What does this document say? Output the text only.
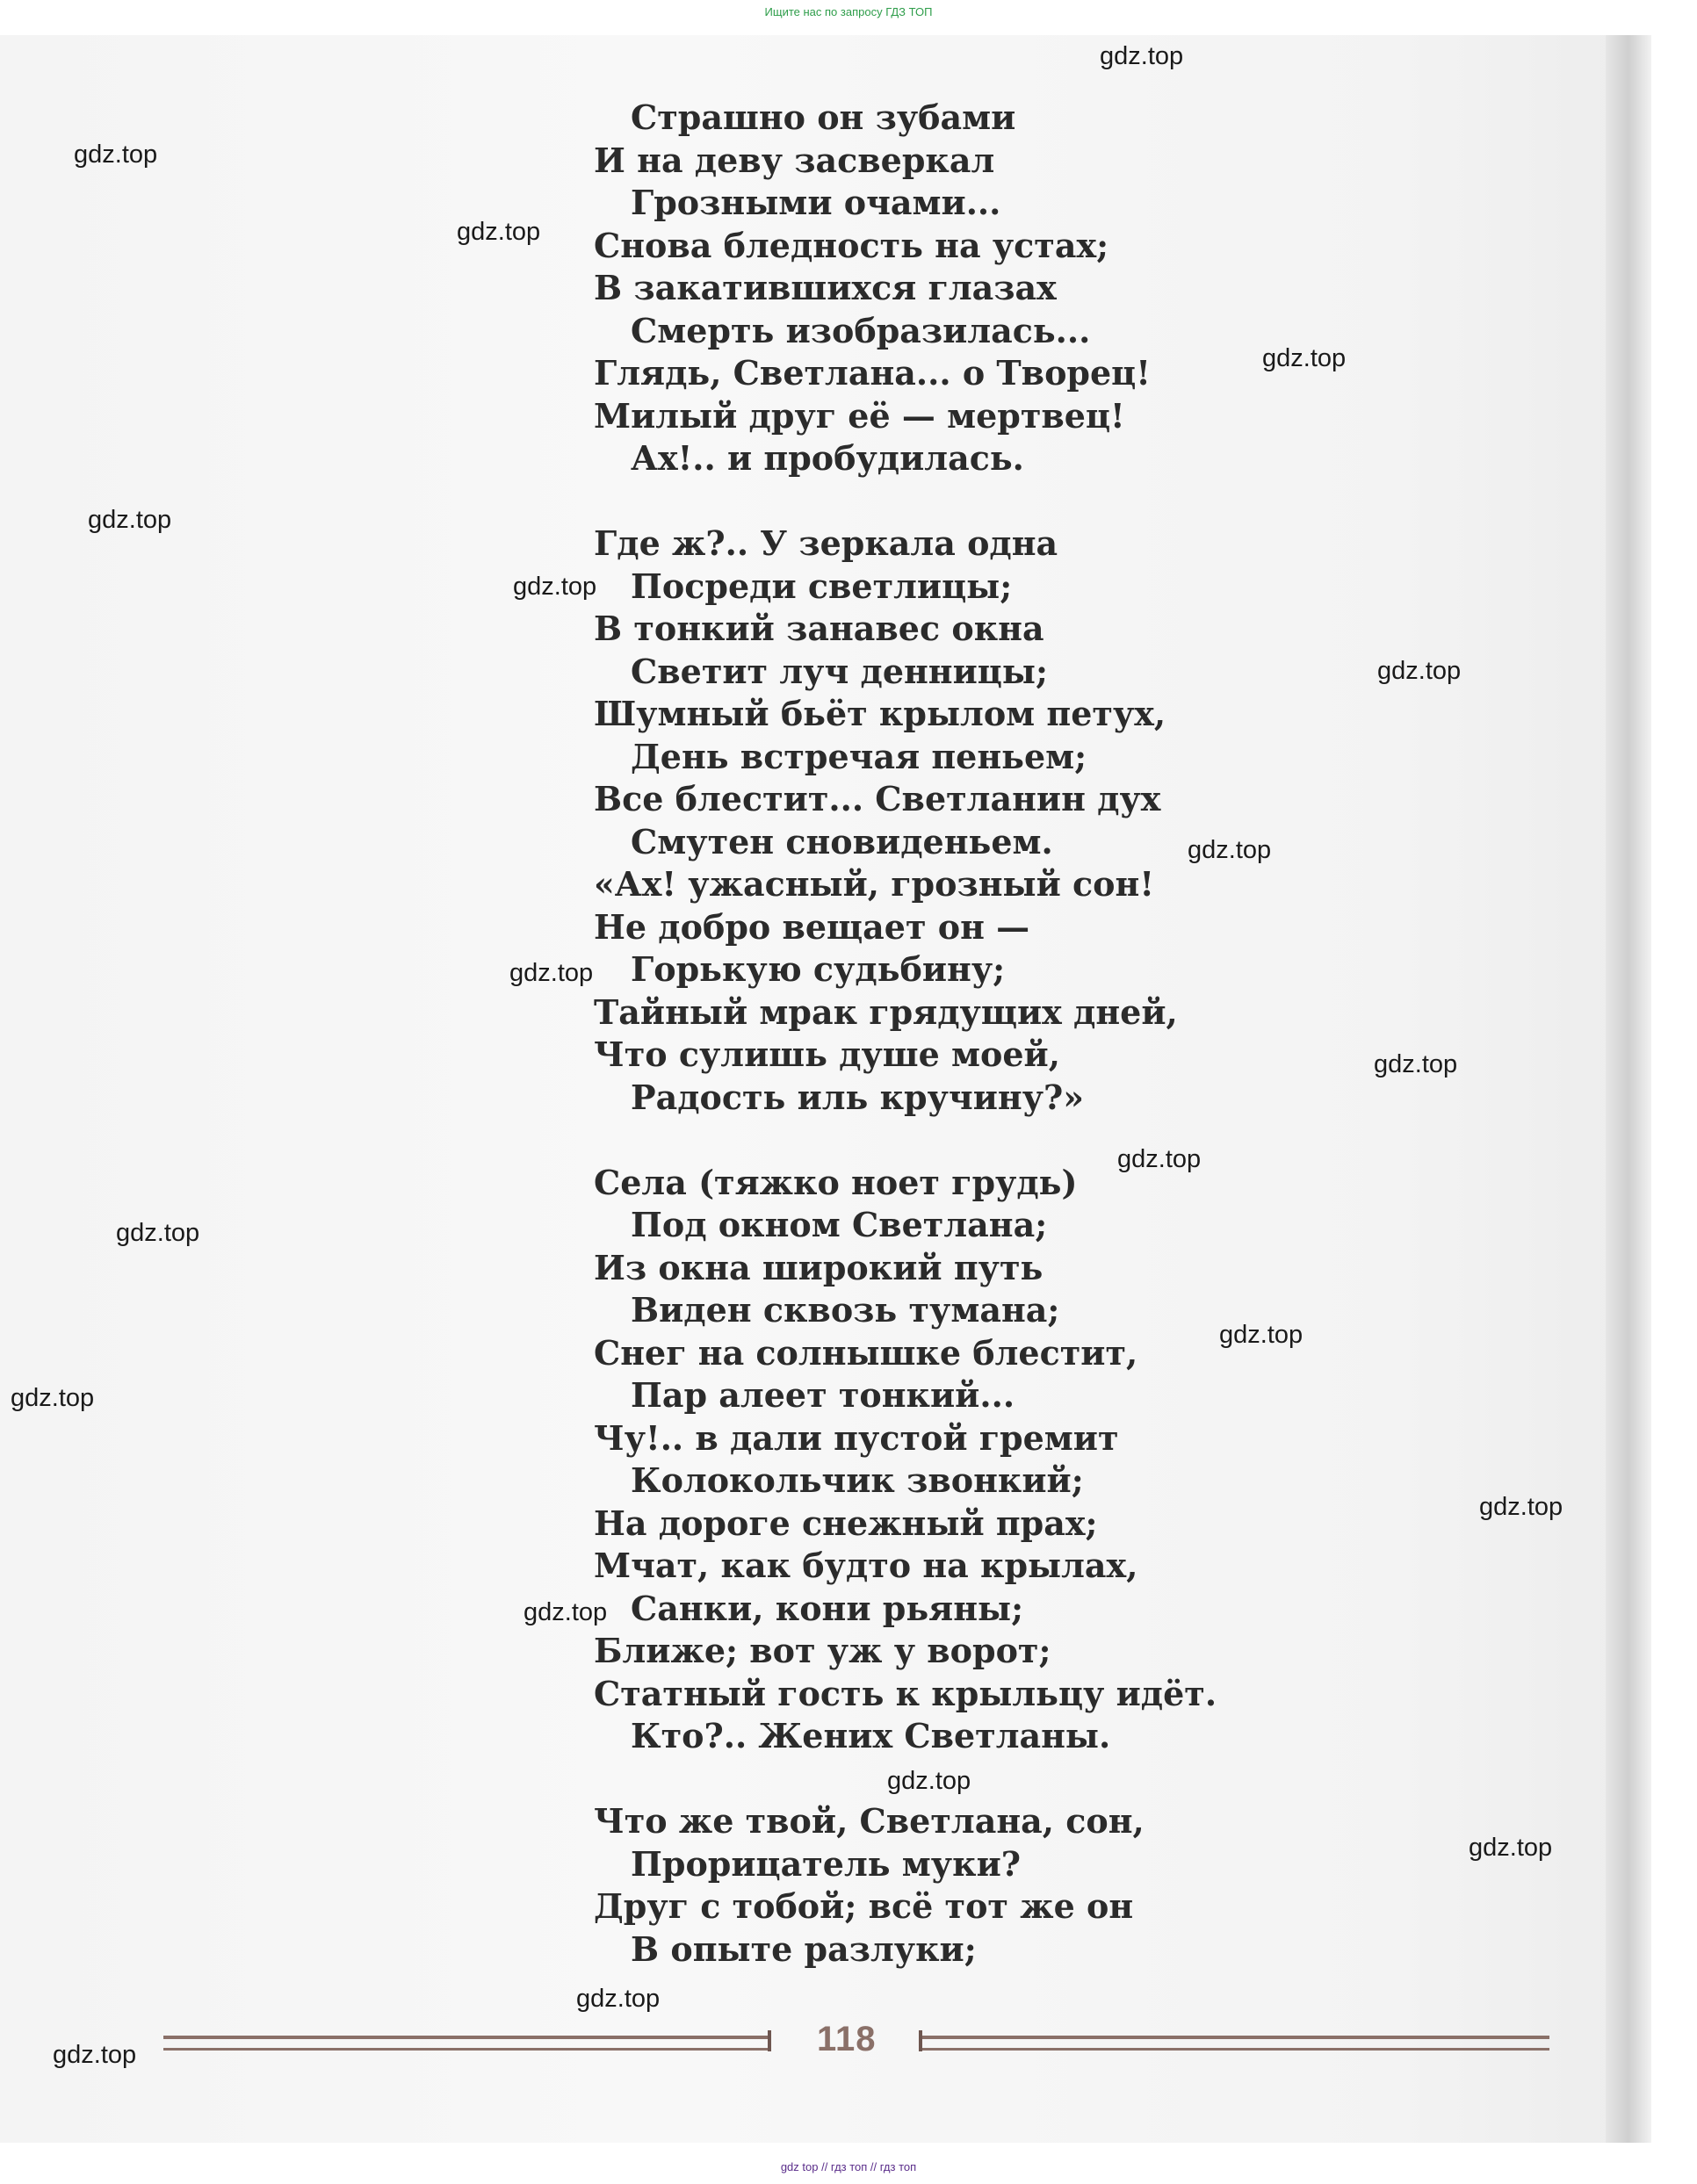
Ищите нас по запросу ГДЗ ТОП
Страшно он зубами
И на деву засверкал
Грозными очами...
Снова бледность на устах;
В закатившихся глазах
Смерть изобразилась...
Глядь, Светлана... о Творец!
Милый друг её — мертвец!
Ах!.. и пробудилась.
Где ж?.. У зеркала одна
Посреди светлицы;
В тонкий занавес окна
Светит луч денницы;
Шумный бьёт крылом петух,
День встречая пеньем;
Все блестит... Светланин дух
Смутен сновиденьем.
«Ах! ужасный, грозный сон!
Не добро вещает он —
Горькую судьбину;
Тайный мрак грядущих дней,
Что сулишь душе моей,
Радость иль кручину?»
Села (тяжко ноет грудь)
Под окном Светлана;
Из окна широкий путь
Виден сквозь тумана;
Снег на солнышке блестит,
Пар алеет тонкий...
Чу!.. в дали пустой гремит
Колокольчик звонкий;
На дороге снежный прах;
Мчат, как будто на крылах,
Санки, кони рьяны;
Ближе; вот уж у ворот;
Статный гость к крыльцу идёт.
Кто?.. Жених Светланы.
Что же твой, Светлана, сон,
Прорицатель муки?
Друг с тобой; всё тот же он
В опыте разлуки;
gdz.top
gdz.top
gdz.top
gdz.top
gdz.top
gdz.top
gdz.top
gdz.top
gdz.top
gdz.top
gdz.top
gdz.top
gdz.top
gdz.top
gdz.top
gdz.top
gdz.top
gdz.top
gdz.top
gdz.top	118
gdz top // гдз топ // гдз топ
